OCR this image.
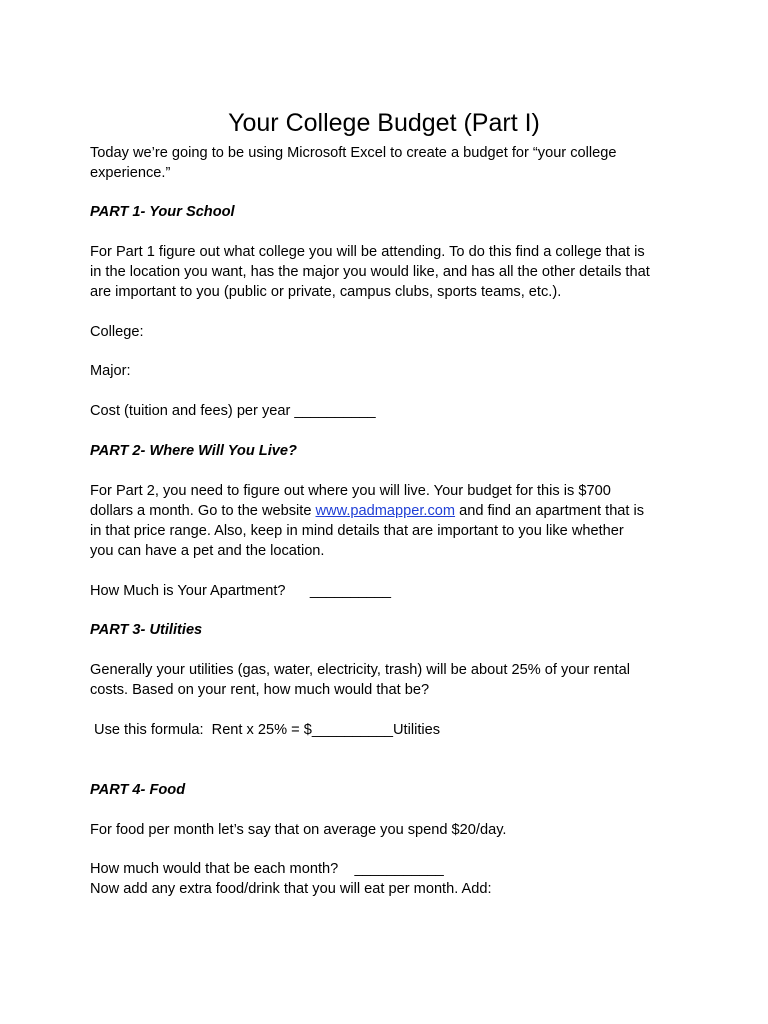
Your College Budget (Part I)

Today we’re going to be using Microsoft Excel to create a budget for “your college

experience.”

PART 1- Your School

For Part 1 figure out what college you will be attending. To do this find a college that is

in the location you want, has the major you would like, and has all the other details that

are important to you (public or private, campus clubs, sports teams, etc.).

College:

Major:

Cost (tuition and fees) per year __________

PART 2- Where Will You Live?

For Part 2, you need to figure out where you will live. Your budget for this is $700

dollars a month. Go to the website www.padmapper.com and find an apartment that is

in that price range. Also, keep in mind details that are important to you like whether

you can have a pet and the location.

How Much is Your Apartment?      __________

PART 3- Utilities

Generally your utilities (gas, water, electricity, trash) will be about 25% of your rental

costs. Based on your rent, how much would that be?

Use this formula:  Rent x 25% = $__________Utilities

PART 4- Food

For food per month let’s say that on average you spend $20/day.

How much would that be each month?    ___________

Now add any extra food/drink that you will eat per month. Add:
